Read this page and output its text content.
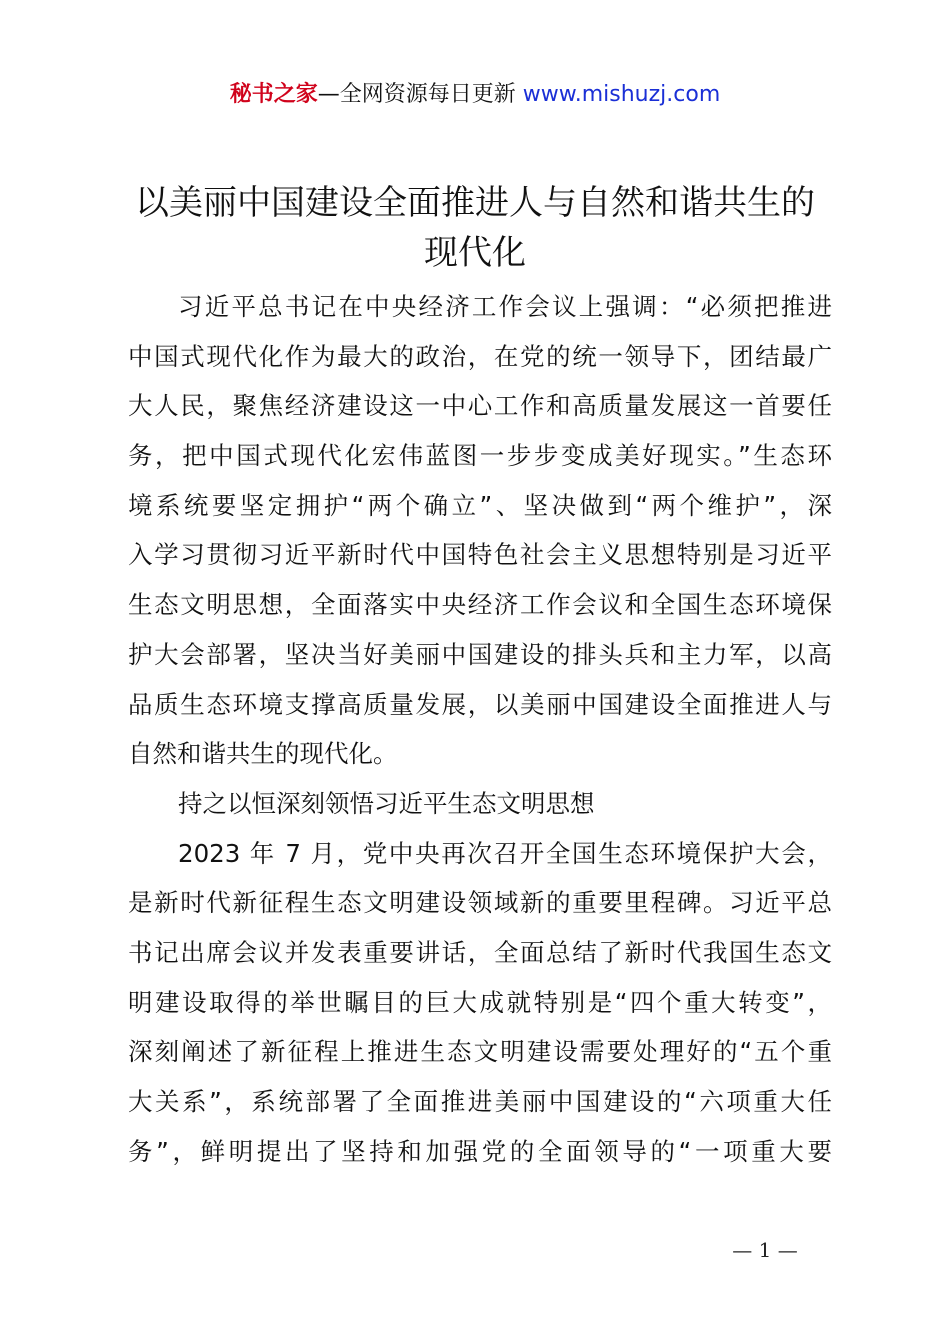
秘书之家—全网资源每日更新 www.mishuzj.com
以美丽中国建设全面推进人与自然和谐共生的
现代化
习近平总书记在中央经济工作会议上强调：“必须把推进
中国式现代化作为最大的政治，在党的统一领导下，团结最广
大人民，聚焦经济建设这一中心工作和高质量发展这一首要任
务，把中国式现代化宏伟蓝图一步步变成美好现实。”生态环
境系统要坚定拥护“两个确立”、坚决做到“两个维护”，深
入学习贯彻习近平新时代中国特色社会主义思想特别是习近平
生态文明思想，全面落实中央经济工作会议和全国生态环境保
护大会部署，坚决当好美丽中国建设的排头兵和主力军，以高
品质生态环境支撑高质量发展，以美丽中国建设全面推进人与
自然和谐共生的现代化。
持之以恒深刻领悟习近平生态文明思想
2023 年 7 月，党中央再次召开全国生态环境保护大会，
是新时代新征程生态文明建设领域新的重要里程碑。习近平总
书记出席会议并发表重要讲话，全面总结了新时代我国生态文
明建设取得的举世瞩目的巨大成就特别是“四个重大转变”，
深刻阐述了新征程上推进生态文明建设需要处理好的“五个重
大关系”，系统部署了全面推进美丽中国建设的“六项重大任
务”，鲜明提出了坚持和加强党的全面领导的“一项重大要
— 1 —
